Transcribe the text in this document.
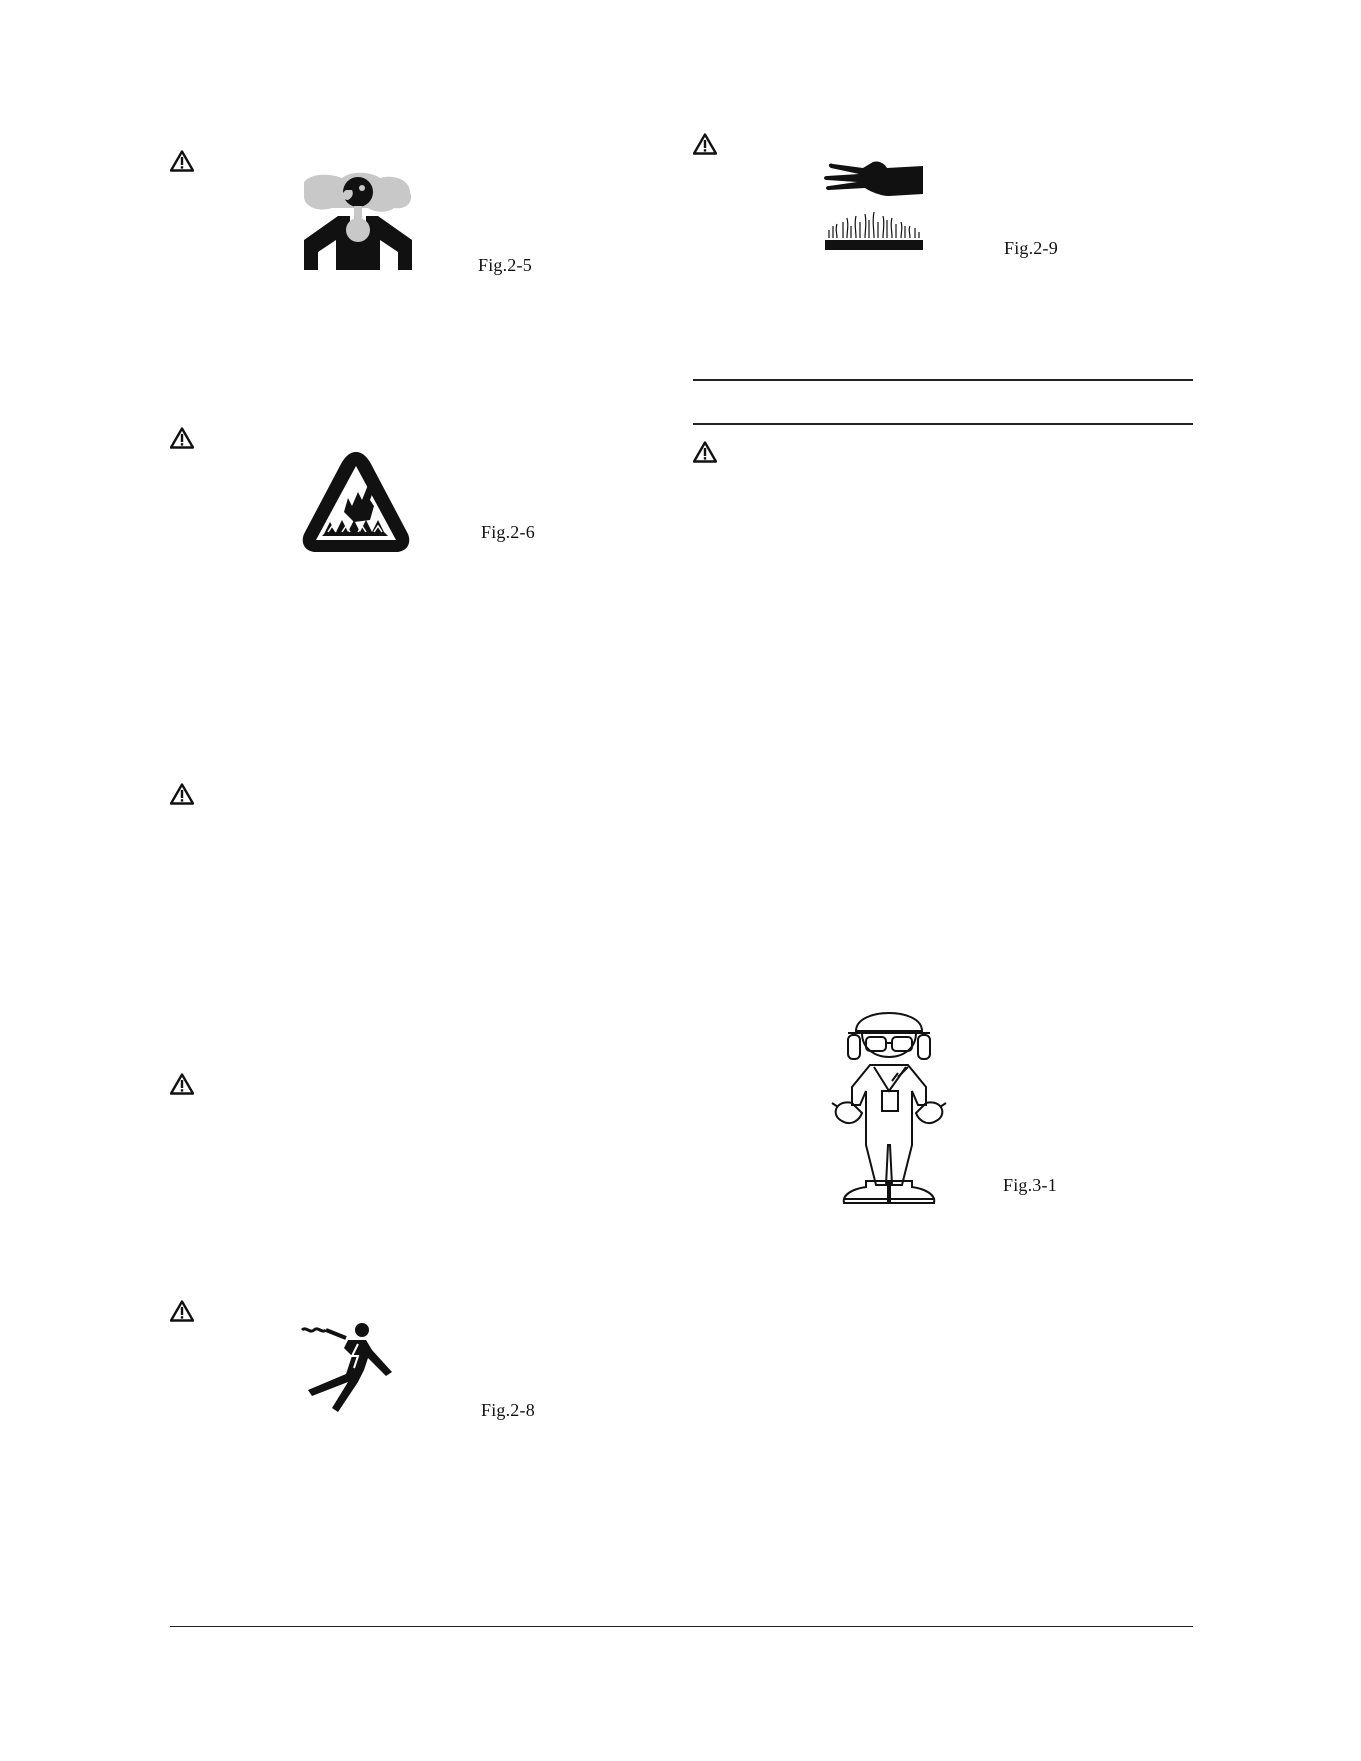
Fig.2-5
Fig.2-6
Fig.2-8
Fig.2-9
Fig.3-1
